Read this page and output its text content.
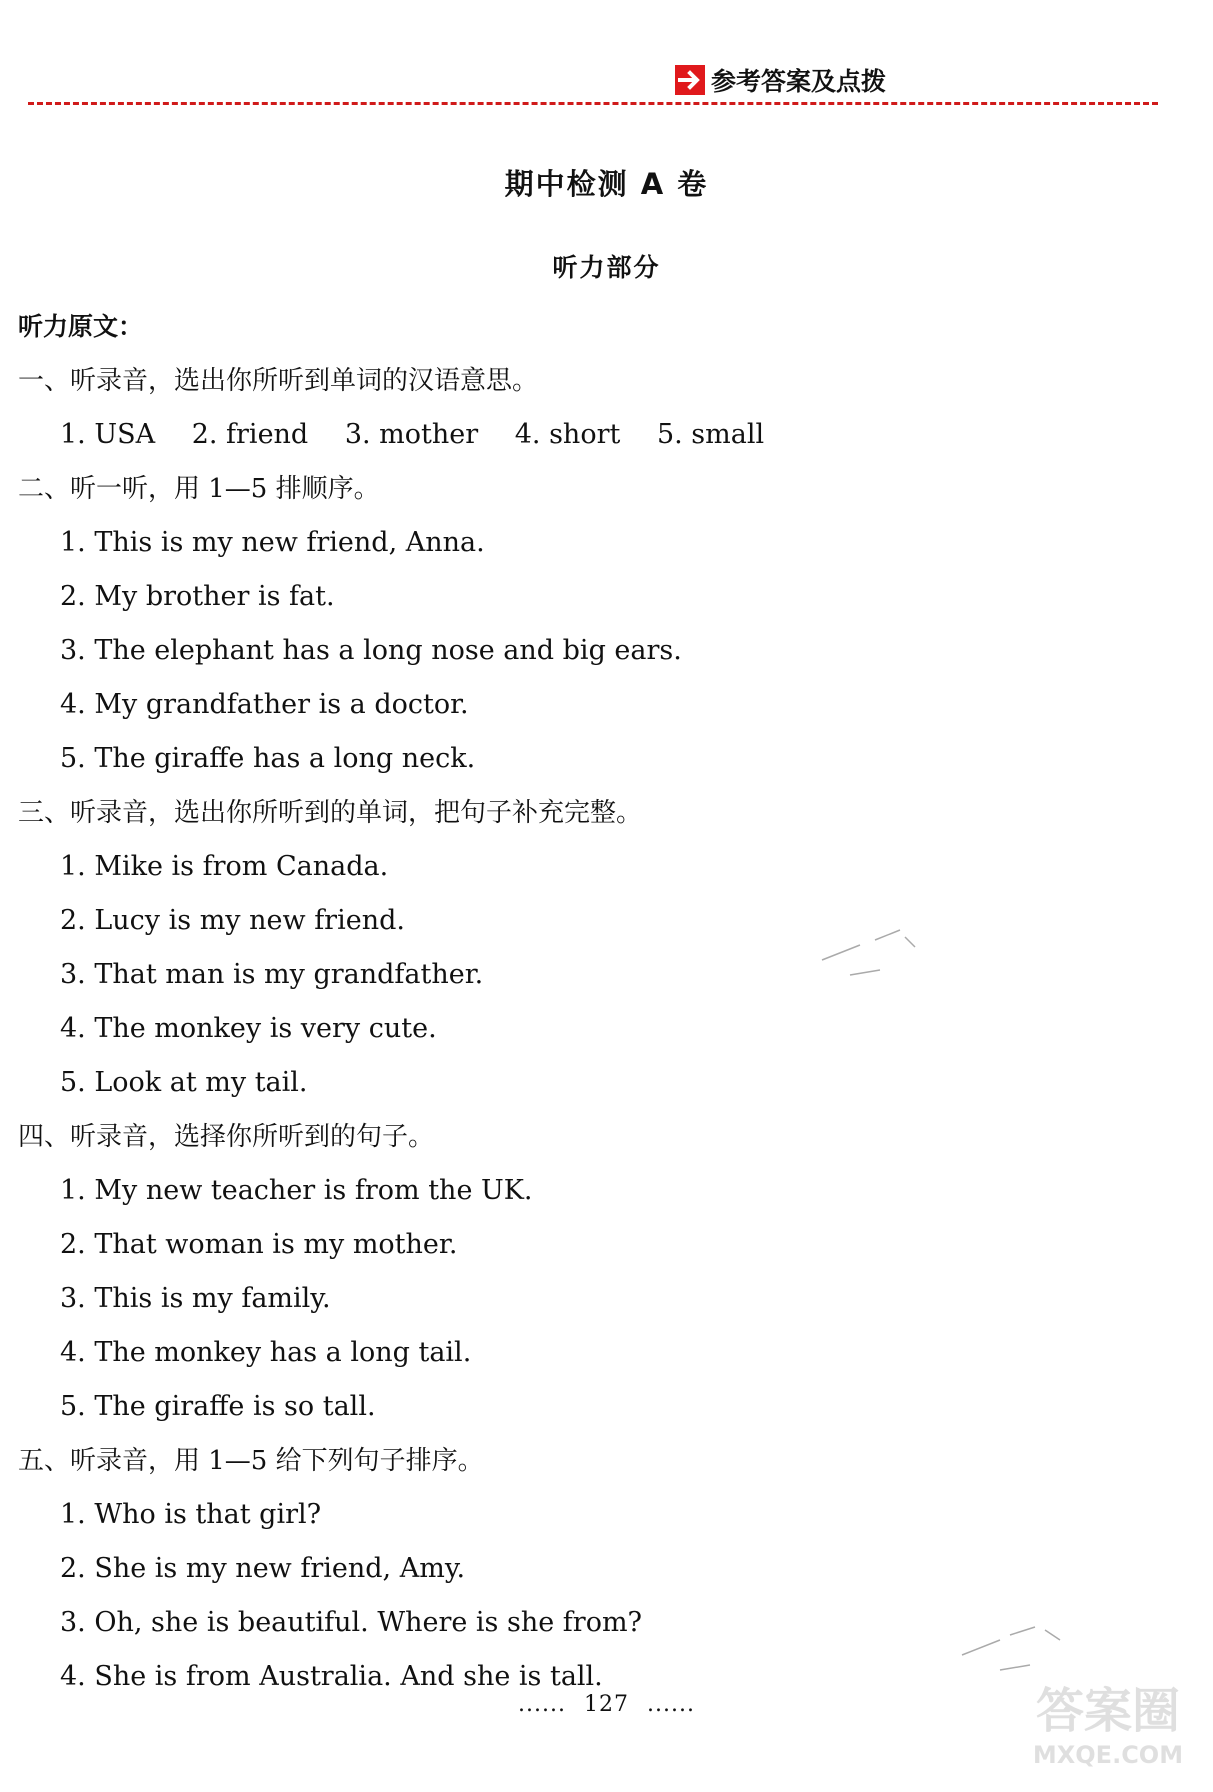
参考答案及点拨
期中检测 A 卷
听力部分
听力原文：
一、听录音，选出你所听到单词的汉语意思。
1. USA 2. friend 3. mother 4. short 5. small
二、听一听，用 1—5 排顺序。
1. This is my new friend, Anna.
2. My brother is fat.
3. The elephant has a long nose and big ears.
4. My grandfather is a doctor.
5. The giraffe has a long neck.
三、听录音，选出你所听到的单词，把句子补充完整。
1. Mike is from Canada.
2. Lucy is my new friend.
3. That man is my grandfather.
4. The monkey is very cute.
5. Look at my tail.
四、听录音，选择你所听到的句子。
1. My new teacher is from the UK.
2. That woman is my mother.
3. This is my family.
4. The monkey has a long tail.
5. The giraffe is so tall.
五、听录音，用 1—5 给下列句子排序。
1. Who is that girl?
2. She is my new friend, Amy.
3. Oh, she is beautiful. Where is she from?
4. She is from Australia. And she is tall.
...... 127 ......	答案圈
MXQE.COM
